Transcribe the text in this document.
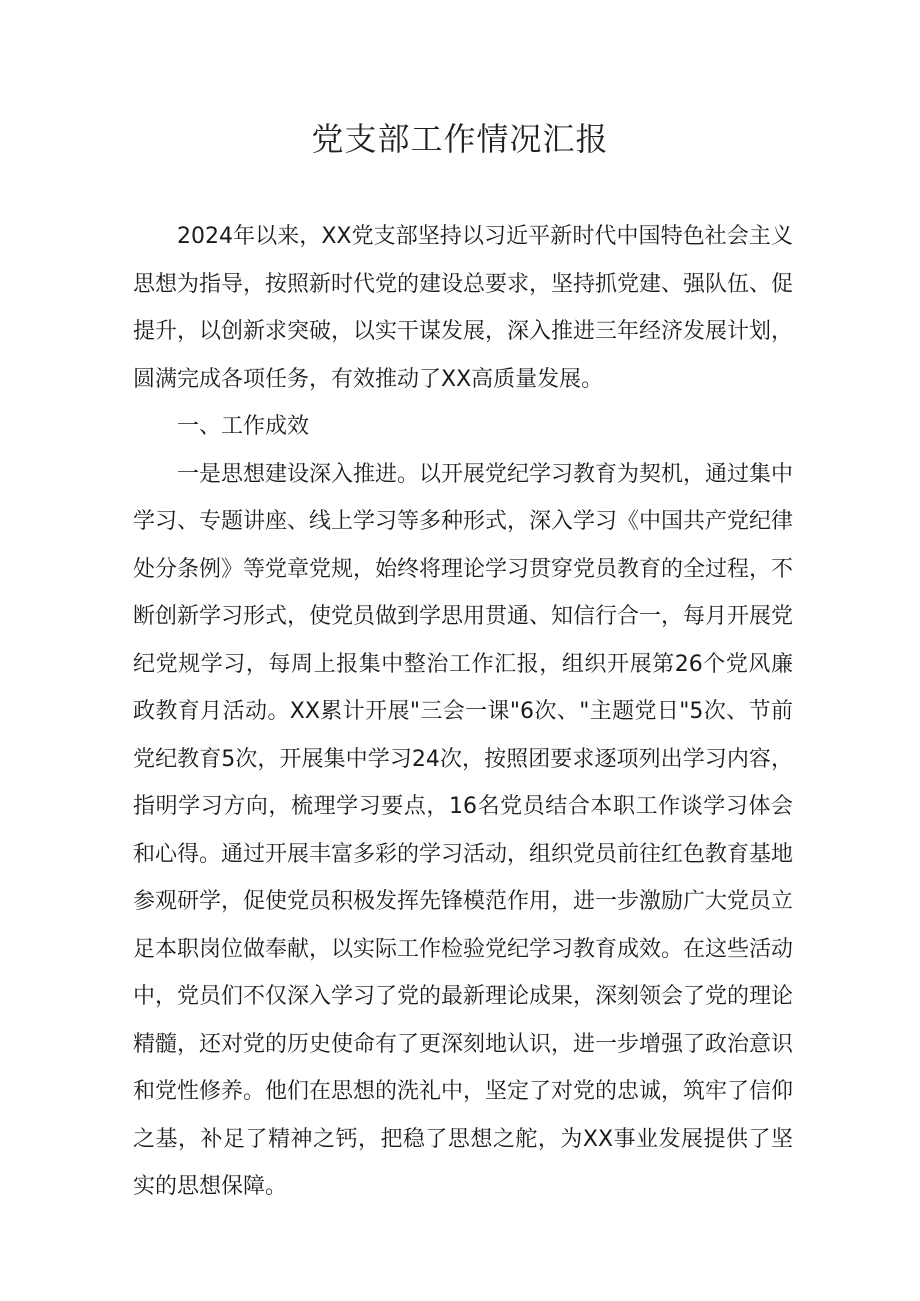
党支部工作情况汇报

2024年以来，XX党支部坚持以习近平新时代中国特色社会主义思想为指导，按照新时代党的建设总要求，坚持抓党建、强队伍、促提升，以创新求突破，以实干谋发展，深入推进三年经济发展计划，圆满完成各项任务，有效推动了XX高质量发展。

一、工作成效

一是思想建设深入推进。以开展党纪学习教育为契机，通过集中学习、专题讲座、线上学习等多种形式，深入学习《中国共产党纪律处分条例》等党章党规，始终将理论学习贯穿党员教育的全过程，不断创新学习形式，使党员做到学思用贯通、知信行合一，每月开展党纪党规学习，每周上报集中整治工作汇报，组织开展第26个党风廉政教育月活动。XX累计开展"三会一课"6次、"主题党日"5次、节前党纪教育5次，开展集中学习24次，按照团要求逐项列出学习内容，指明学习方向，梳理学习要点，16名党员结合本职工作谈学习体会和心得。通过开展丰富多彩的学习活动，组织党员前往红色教育基地参观研学，促使党员积极发挥先锋模范作用，进一步激励广大党员立足本职岗位做奉献，以实际工作检验党纪学习教育成效。在这些活动中，党员们不仅深入学习了党的最新理论成果，深刻领会了党的理论精髓，还对党的历史使命有了更深刻地认识，进一步增强了政治意识和党性修养。他们在思想的洗礼中，坚定了对党的忠诚，筑牢了信仰之基，补足了精神之钙，把稳了思想之舵，为XX事业发展提供了坚实的思想保障。
